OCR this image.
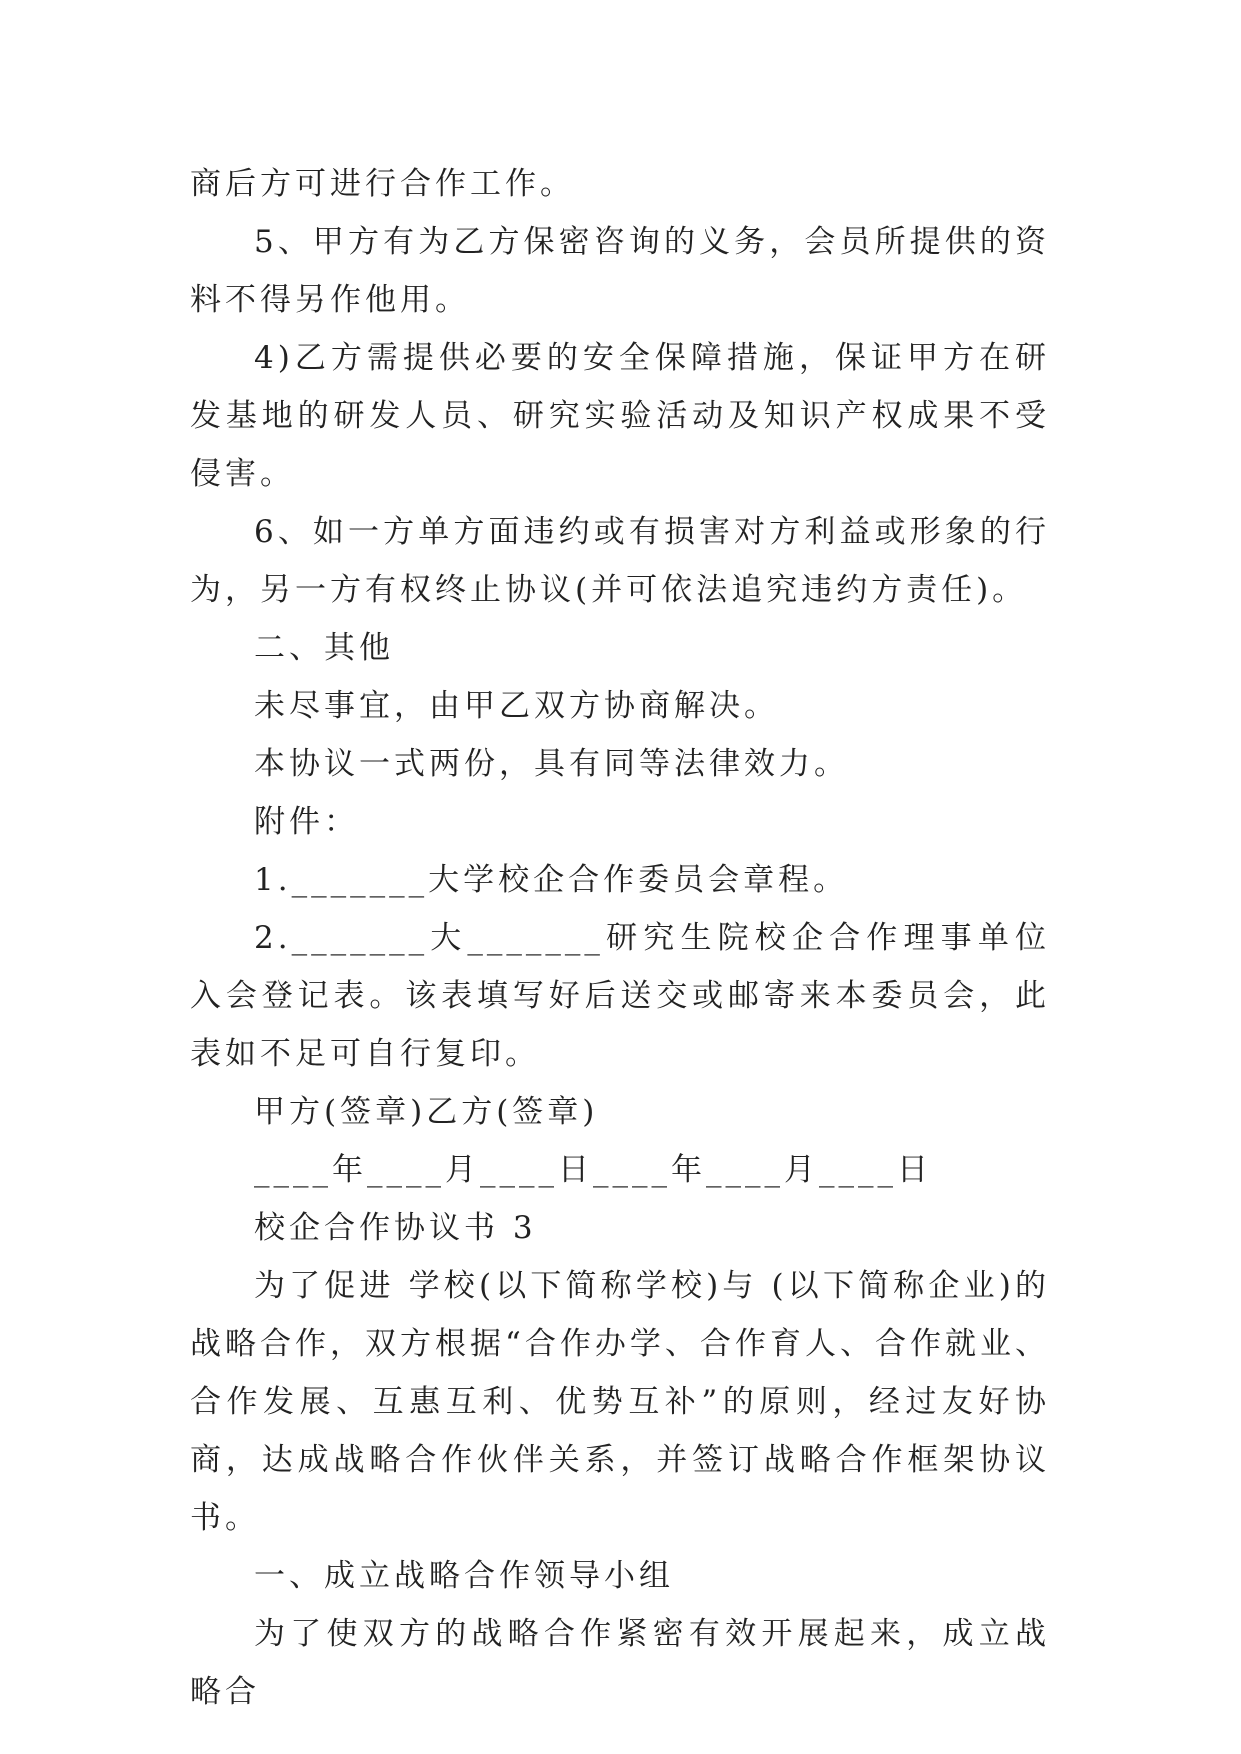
商后方可进行合作工作。

5、甲方有为乙方保密咨询的义务，会员所提供的资料不得另作他用。

4)乙方需提供必要的安全保障措施，保证甲方在研发基地的研发人员、研究实验活动及知识产权成果不受侵害。

6、如一方单方面违约或有损害对方利益或形象的行为，另一方有权终止协议(并可依法追究违约方责任)。

二、其他

未尽事宜，由甲乙双方协商解决。

本协议一式两份，具有同等法律效力。

附件：

1._______大学校企合作委员会章程。

2._______大_______研究生院校企合作理事单位入会登记表。该表填写好后送交或邮寄来本委员会，此表如不足可自行复印。

甲方(签章)乙方(签章)

____年____月____日____年____月____日

校企合作协议书 3

为了促进 学校(以下简称学校)与 (以下简称企业)的战略合作，双方根据“合作办学、合作育人、合作就业、合作发展、互惠互利、优势互补”的原则，经过友好协商，达成战略合作伙伴关系，并签订战略合作框架协议书。

一、成立战略合作领导小组

为了使双方的战略合作紧密有效开展起来，成立战略合
